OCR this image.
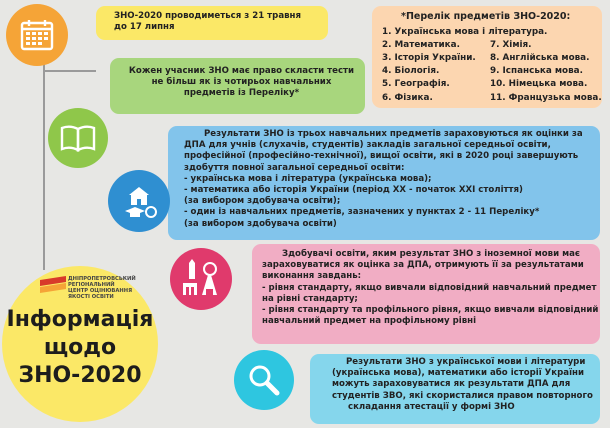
ЗНО-2020 проводиметься з 21 травня
до 17 липня
*Перелік предметів ЗНО-2020:
1. Українська мова і література.
2. Математика.
3. Історія України.
4. Біологія.
5. Географія.
6. Фізика.
7. Хімія.
8. Англійська мова.
9. Іспанська мова.
10. Німецька мова.
11. Французька мова.
Кожен учасник ЗНО має право скласти тести
не більш як із чотирьох навчальних
предметів із Переліку*
Результати ЗНО із трьох навчальних предметів зараховуються як оцінки за
ДПА для учнів (слухачів, студентів) закладів загальної середньої освіти,
професійної (професійно-технічної), вищої освіти, які в 2020 році завершують
здобуття повної загальної середньої освіти:
- українська мова і література (українська мова);
- математика або історія України (період XX - початок XXI століття)
(за вибором здобувача освіти);
- один із навчальних предметів, зазначених у пунктах 2 - 11 Переліку*
(за вибором здобувача освіти)
Здобувачі освіти, яким результат ЗНО з іноземної мови має
зараховуватися як оцінка за ДПА, отримують її за результатами
виконання завдань:
- рівня стандарту, якщо вивчали відповідний навчальний предмет
на рівні стандарту;
- рівня стандарту та профільного рівня, якщо вивчали відповідний
навчальний предмет на профільному рівні
ДНІПРОПЕТРОВСЬКИЙ
РЕГІОНАЛЬНИЙ
ЦЕНТР ОЦІНЮВАННЯ
ЯКОСТІ ОСВІТИ
Інформація
щодо
ЗНО-2020
Результати ЗНО з української мови і літератури
(українська мова), математики або історії України
можуть зараховуватися як результати ДПА для
студентів ЗВО, які скористалися правом повторного
складання атестації у формі ЗНО
